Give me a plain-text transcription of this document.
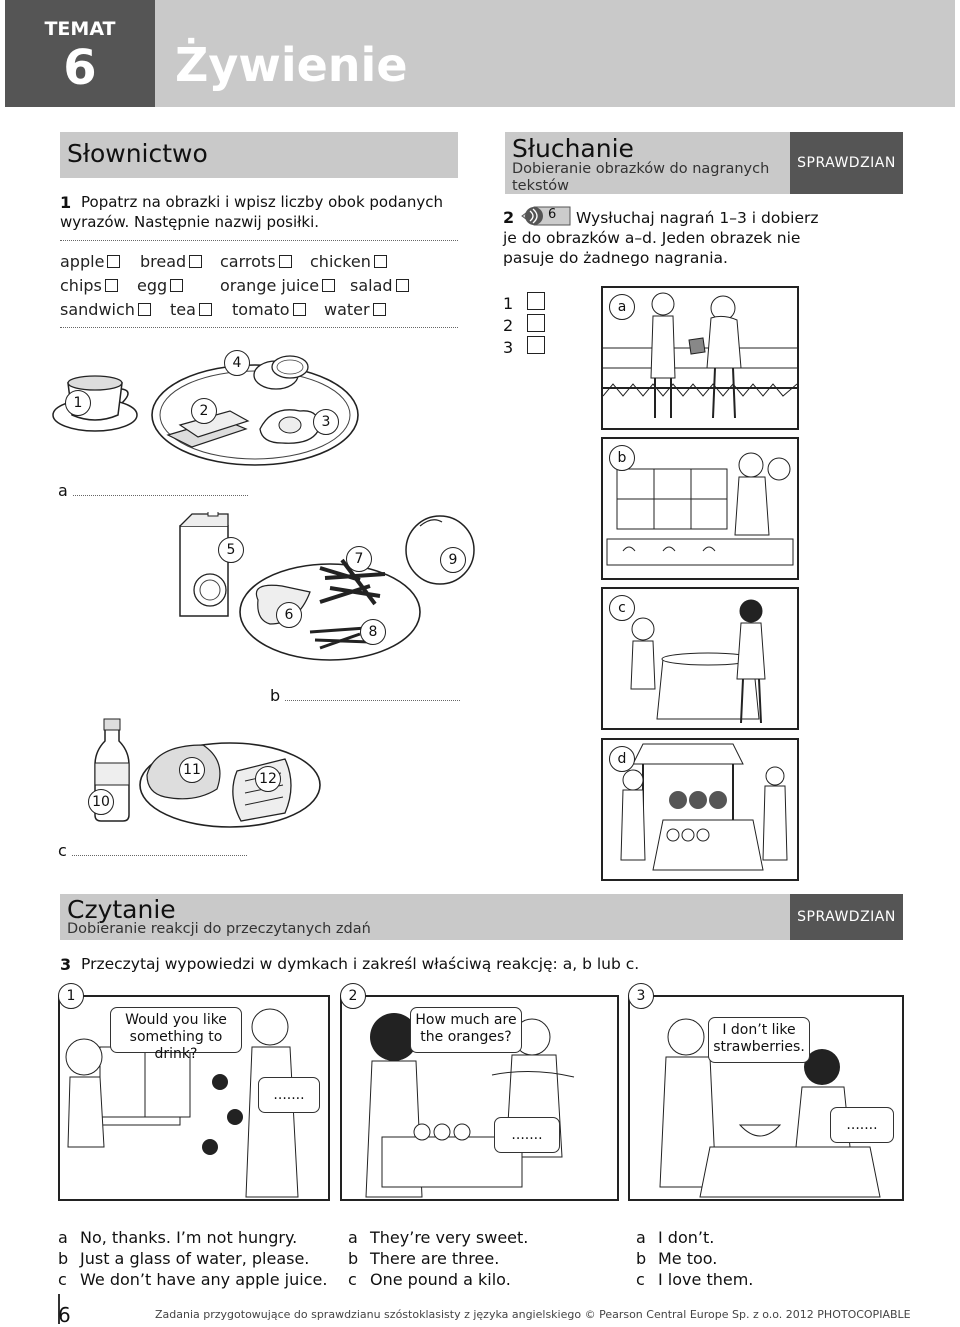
TEMAT
6	Żywienie
Słownictwo
1 Popatrz na obrazki i wpisz liczby obok podanych wyrazów. Następnie nazwij posiłki.
apple	bread	carrots	chicken
chips	egg	orange juice	salad
sandwich	tea	tomato	water
1	2
3
4
a
5
6
7
8
9
b
11
12
10
c
Słuchanie
Dobieranie obrazków do nagranych tekstów
SPRAWDZIAN
2	6	Wysłuchaj nagrań 1–3 i dobierz je do obrazków a–d. Jeden obrazek nie pasuje do żadnego nagrania.
1
2
3
a
b
c
d
Czytanie
Dobieranie reakcji do przeczytanych zdań
SPRAWDZIAN
3 Przeczytaj wypowiedzi w dymkach i zakreśl właściwą reakcję: a, b lub c.
1
Would you like something to drink?
.......
2
How much are the oranges?
.......
3
I don’t like strawberries.
.......
a No, thanks. I’m not hungry.
b Just a glass of water, please.
c We don’t have any apple juice.
a They’re very sweet.
b There are three.
c One pound a kilo.
a I don’t.
b Me too.
c I love them.
6	Zadania przygotowujące do sprawdzianu szóstoklasisty z języka angielskiego © Pearson Central Europe Sp. z o.o. 2012 PHOTOCOPIABLE
